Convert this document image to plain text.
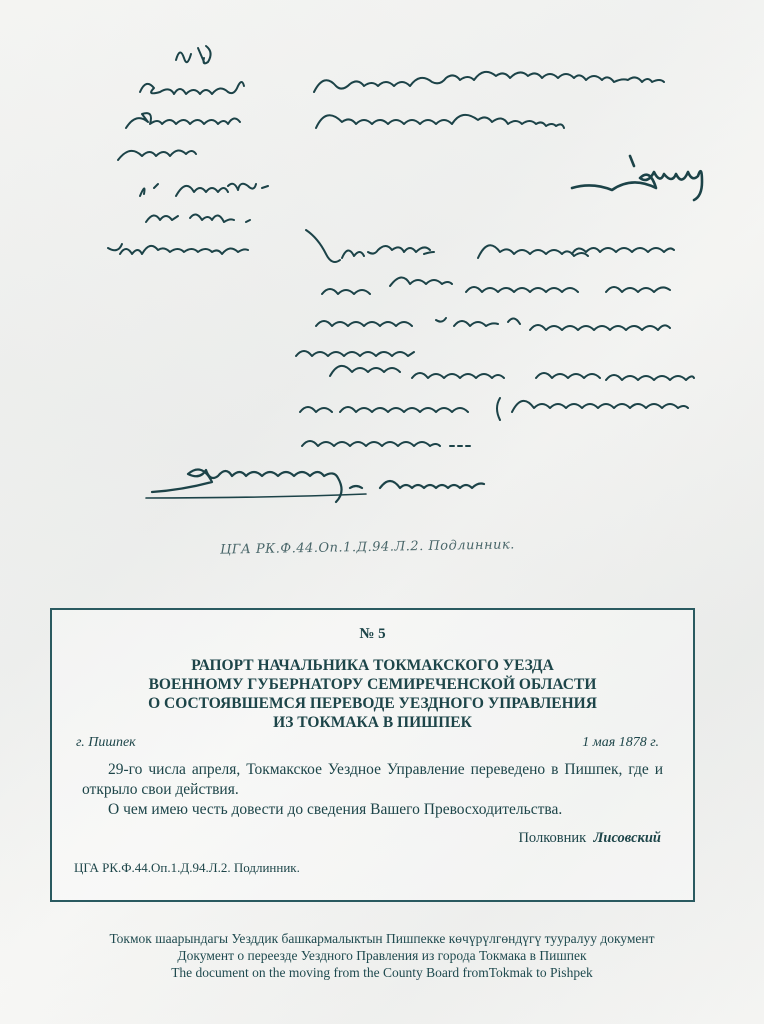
ЦГА РК.Ф.44.Оп.1.Д.94.Л.2. Подлинник.
№ 5
РАПОРТ НАЧАЛЬНИКА ТОКМАКСКОГО УЕЗДА
ВОЕННОМУ ГУБЕРНАТОРУ СЕМИРЕЧЕНСКОЙ ОБЛАСТИ
О СОСТОЯВШЕМСЯ ПЕРЕВОДЕ УЕЗДНОГО УПРАВЛЕНИЯ
ИЗ ТОКМАКА В ПИШПЕК
г. Пишпек	1 мая 1878 г.

29-го числа апреля, Токмакское Уездное Управление переведено в Пишпек, где и открыло свои действия.

О чем имею честь довести до сведения Вашего Превосходительства.

Полковник Лисовский
ЦГА РК.Ф.44.Оп.1.Д.94.Л.2. Подлинник.
Токмок шаарындагы Уезддик башкармалыктын Пишпекке көчүрүлгөндүгү тууралуу документ
Документ о переезде Уездного Правления из города Токмака в Пишпек
The document on the moving from the County Board fromTokmak to Pishpek
